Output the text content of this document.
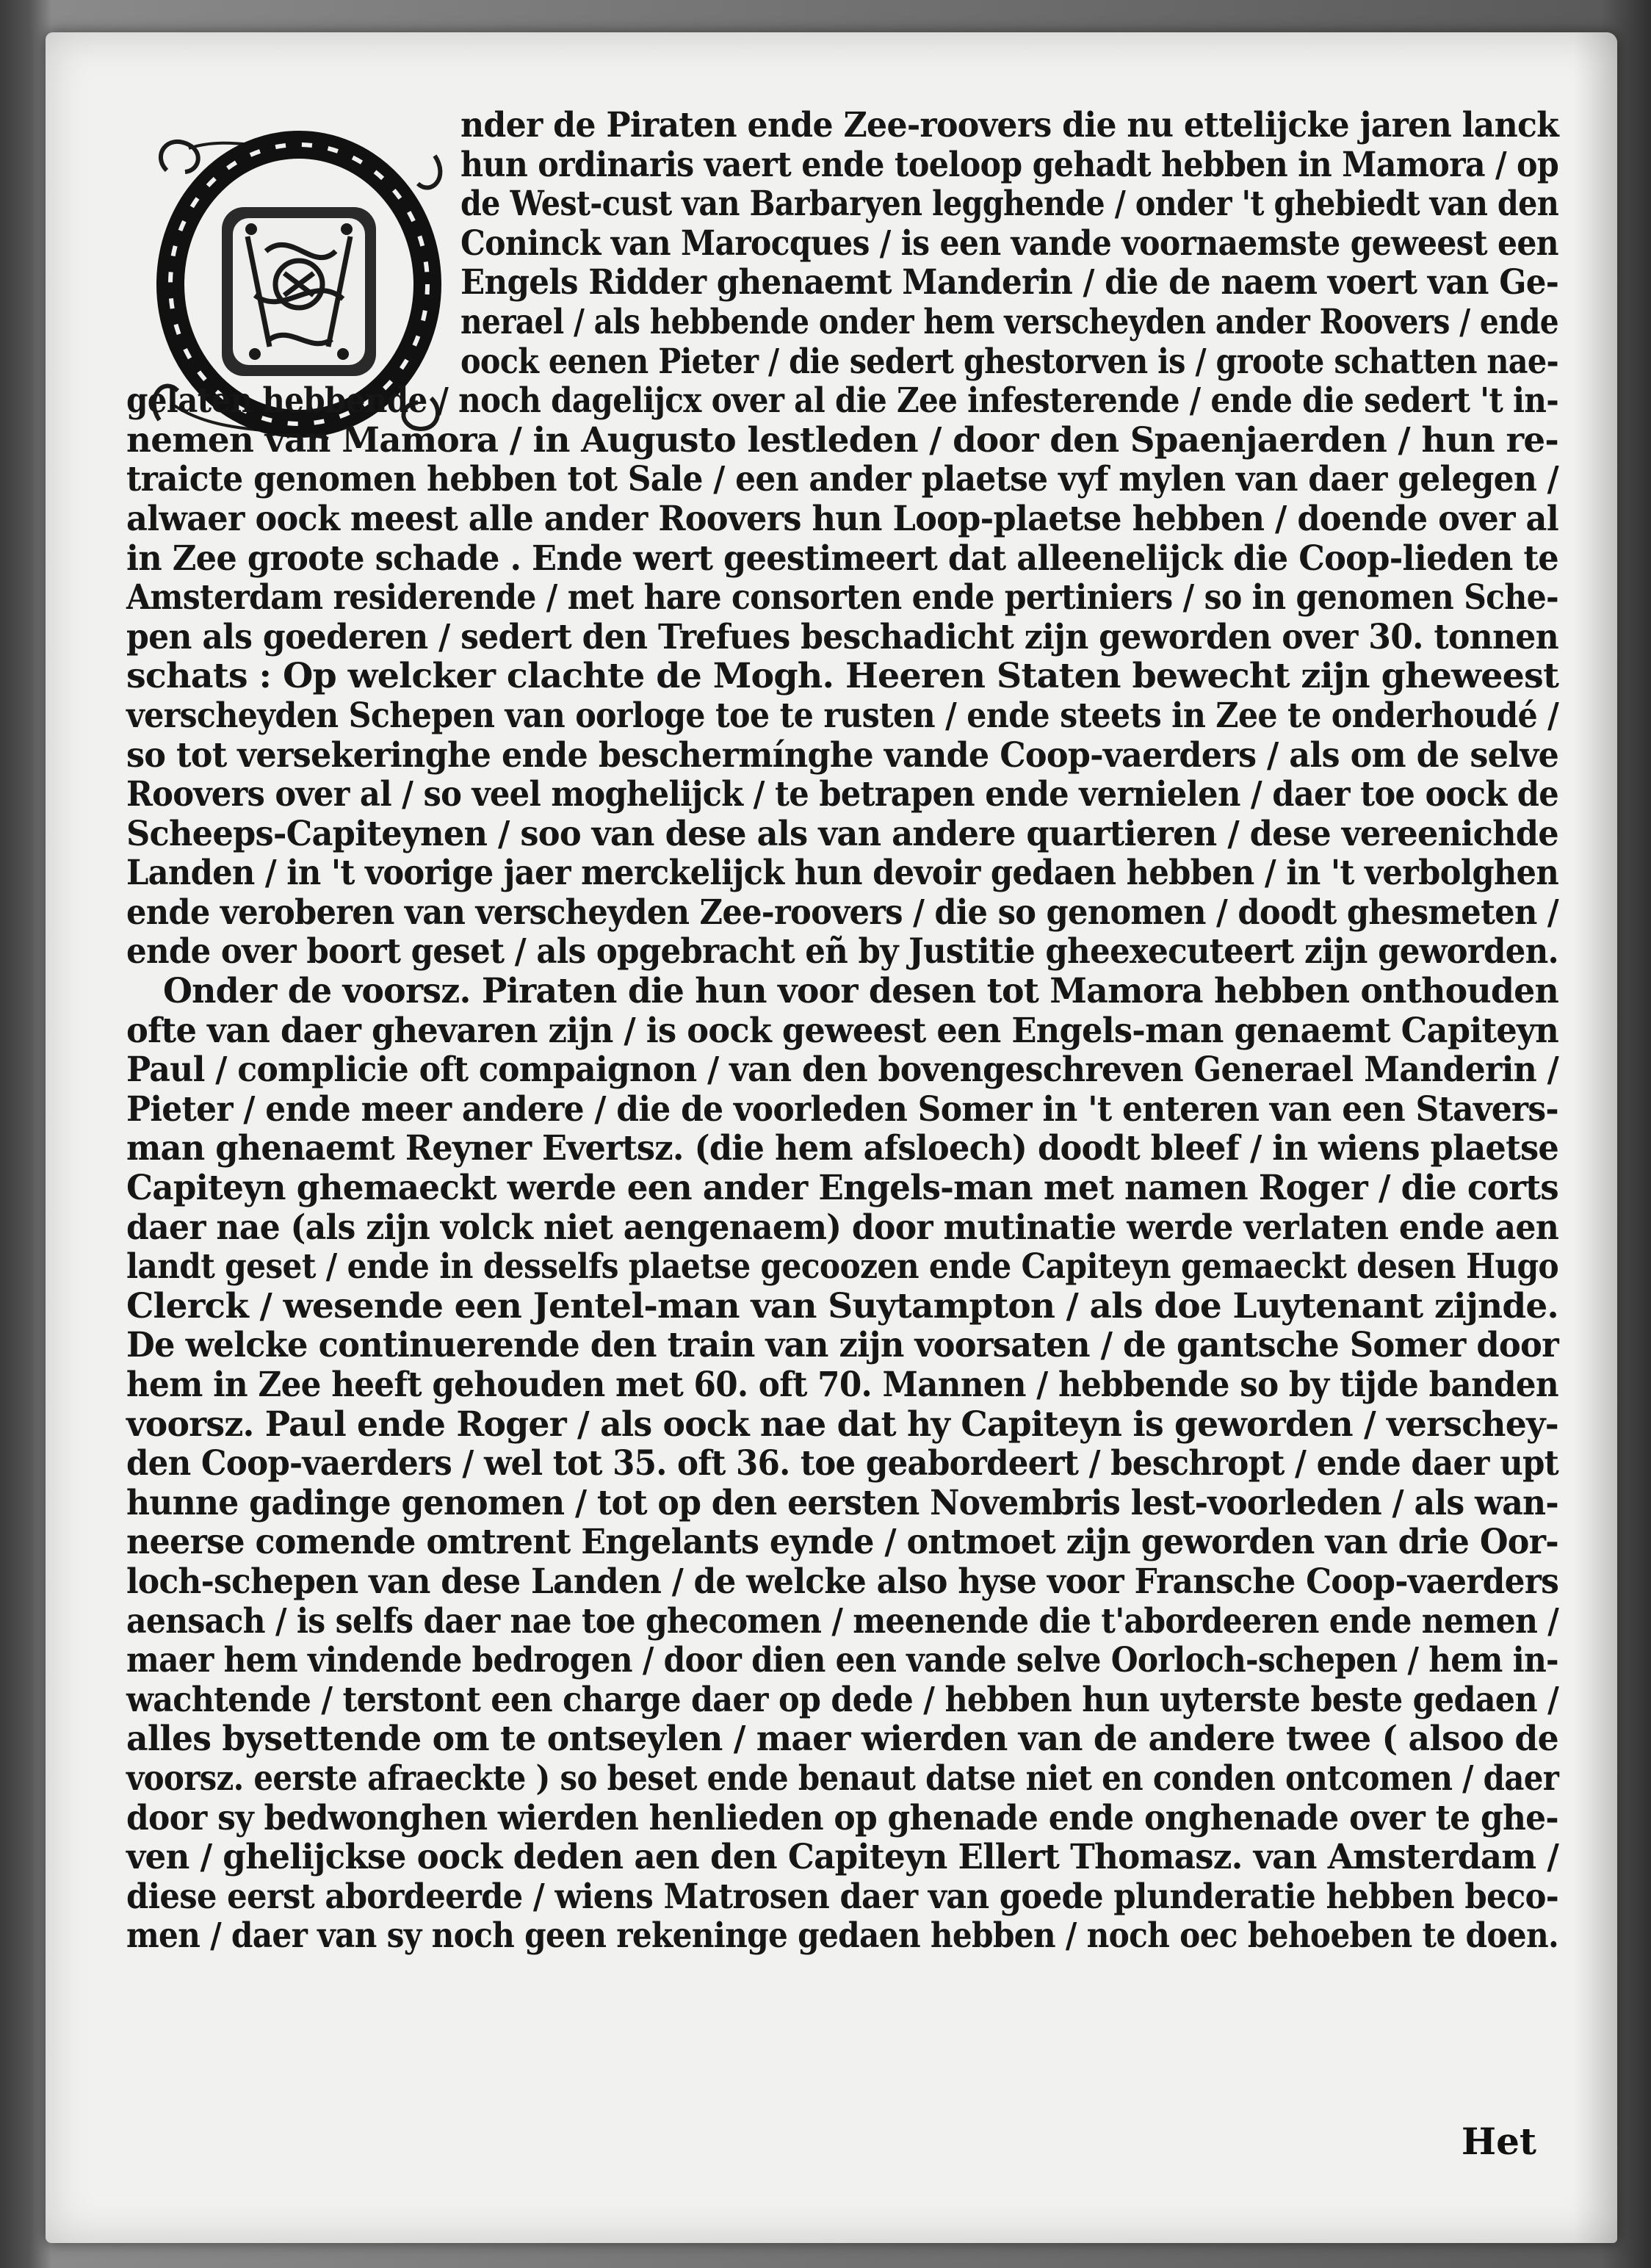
O	nder de Piraten ende Zee-roovers die nu ettelijcke jaren lanck
hun ordinaris vaert ende toeloop gehadt hebben in Mamora / op
de West-cust van Barbaryen legghende / onder 't ghebiedt van den
Coninck van Marocques / is een vande voornaemste geweest een
Engels Ridder ghenaemt Manderin / die de naem voert van Ge-
nerael / als hebbende onder hem verscheyden ander Roovers / ende
oock eenen Pieter / die sedert ghestorven is / groote schatten nae-
gelaten hebbende / noch dagelijcx over al die Zee infesterende / ende die sedert 't in-
nemen van Mamora / in Augusto lestleden / door den Spaenjaerden / hun re-
traicte genomen hebben tot Sale / een ander plaetse vyf mylen van daer gelegen /
alwaer oock meest alle ander Roovers hun Loop-plaetse hebben / doende over al
in Zee groote schade . Ende wert geestimeert dat alleenelijck die Coop-lieden te
Amsterdam residerende / met hare consorten ende pertiniers / so in genomen Sche-
pen als goederen / sedert den Trefues beschadicht zijn geworden over 30. tonnen
schats : Op welcker clachte de Mogh. Heeren Staten bewecht zijn gheweest
verscheyden Schepen van oorloge toe te rusten / ende steets in Zee te onderhoudé /
so tot versekeringhe ende beschermínghe vande Coop-vaerders / als om de selve
Roovers over al / so veel moghelijck / te betrapen ende vernielen / daer toe oock de
Scheeps-Capiteynen / soo van dese als van andere quartieren / dese vereenichde
Landen / in 't voorige jaer merckelijck hun devoir gedaen hebben / in 't verbolghen
ende veroberen van verscheyden Zee-roovers / die so genomen / doodt ghesmeten /
ende over boort geset / als opgebracht eñ by Justitie gheexecuteert zijn geworden.
Onder de voorsz. Piraten die hun voor desen tot Mamora hebben onthouden
ofte van daer ghevaren zijn / is oock geweest een Engels-man genaemt Capiteyn
Paul / complicie oft compaignon / van den bovengeschreven Generael Manderin /
Pieter / ende meer andere / die de voorleden Somer in 't enteren van een Stavers-
man ghenaemt Reyner Evertsz. (die hem afsloech) doodt bleef / in wiens plaetse
Capiteyn ghemaeckt werde een ander Engels-man met namen Roger / die corts
daer nae (als zijn volck niet aengenaem) door mutinatie werde verlaten ende aen
landt geset / ende in desselfs plaetse gecoozen ende Capiteyn gemaeckt desen Hugo
Clerck / wesende een Jentel-man van Suytampton / als doe Luytenant zijnde.
De welcke continuerende den train van zijn voorsaten / de gantsche Somer door
hem in Zee heeft gehouden met 60. oft 70. Mannen / hebbende so by tijde banden
voorsz. Paul ende Roger / als oock nae dat hy Capiteyn is geworden / verschey-
den Coop-vaerders / wel tot 35. oft 36. toe geabordeert / beschropt / ende daer upt
hunne gadinge genomen / tot op den eersten Novembris lest-voorleden / als wan-
neerse comende omtrent Engelants eynde / ontmoet zijn geworden van drie Oor-
loch-schepen van dese Landen / de welcke also hyse voor Fransche Coop-vaerders
aensach / is selfs daer nae toe ghecomen / meenende die t'abordeeren ende nemen /
maer hem vindende bedrogen / door dien een vande selve Oorloch-schepen / hem in-
wachtende / terstont een charge daer op dede / hebben hun uyterste beste gedaen /
alles bysettende om te ontseylen / maer wierden van de andere twee ( alsoo de
voorsz. eerste afraeckte ) so beset ende benaut datse niet en conden ontcomen / daer
door sy bedwonghen wierden henlieden op ghenade ende onghenade over te ghe-
ven / ghelijckse oock deden aen den Capiteyn Ellert Thomasz. van Amsterdam /
diese eerst abordeerde / wiens Matrosen daer van goede plunderatie hebben beco-
men / daer van sy noch geen rekeninge gedaen hebben / noch oec behoeben te doen.
Het
